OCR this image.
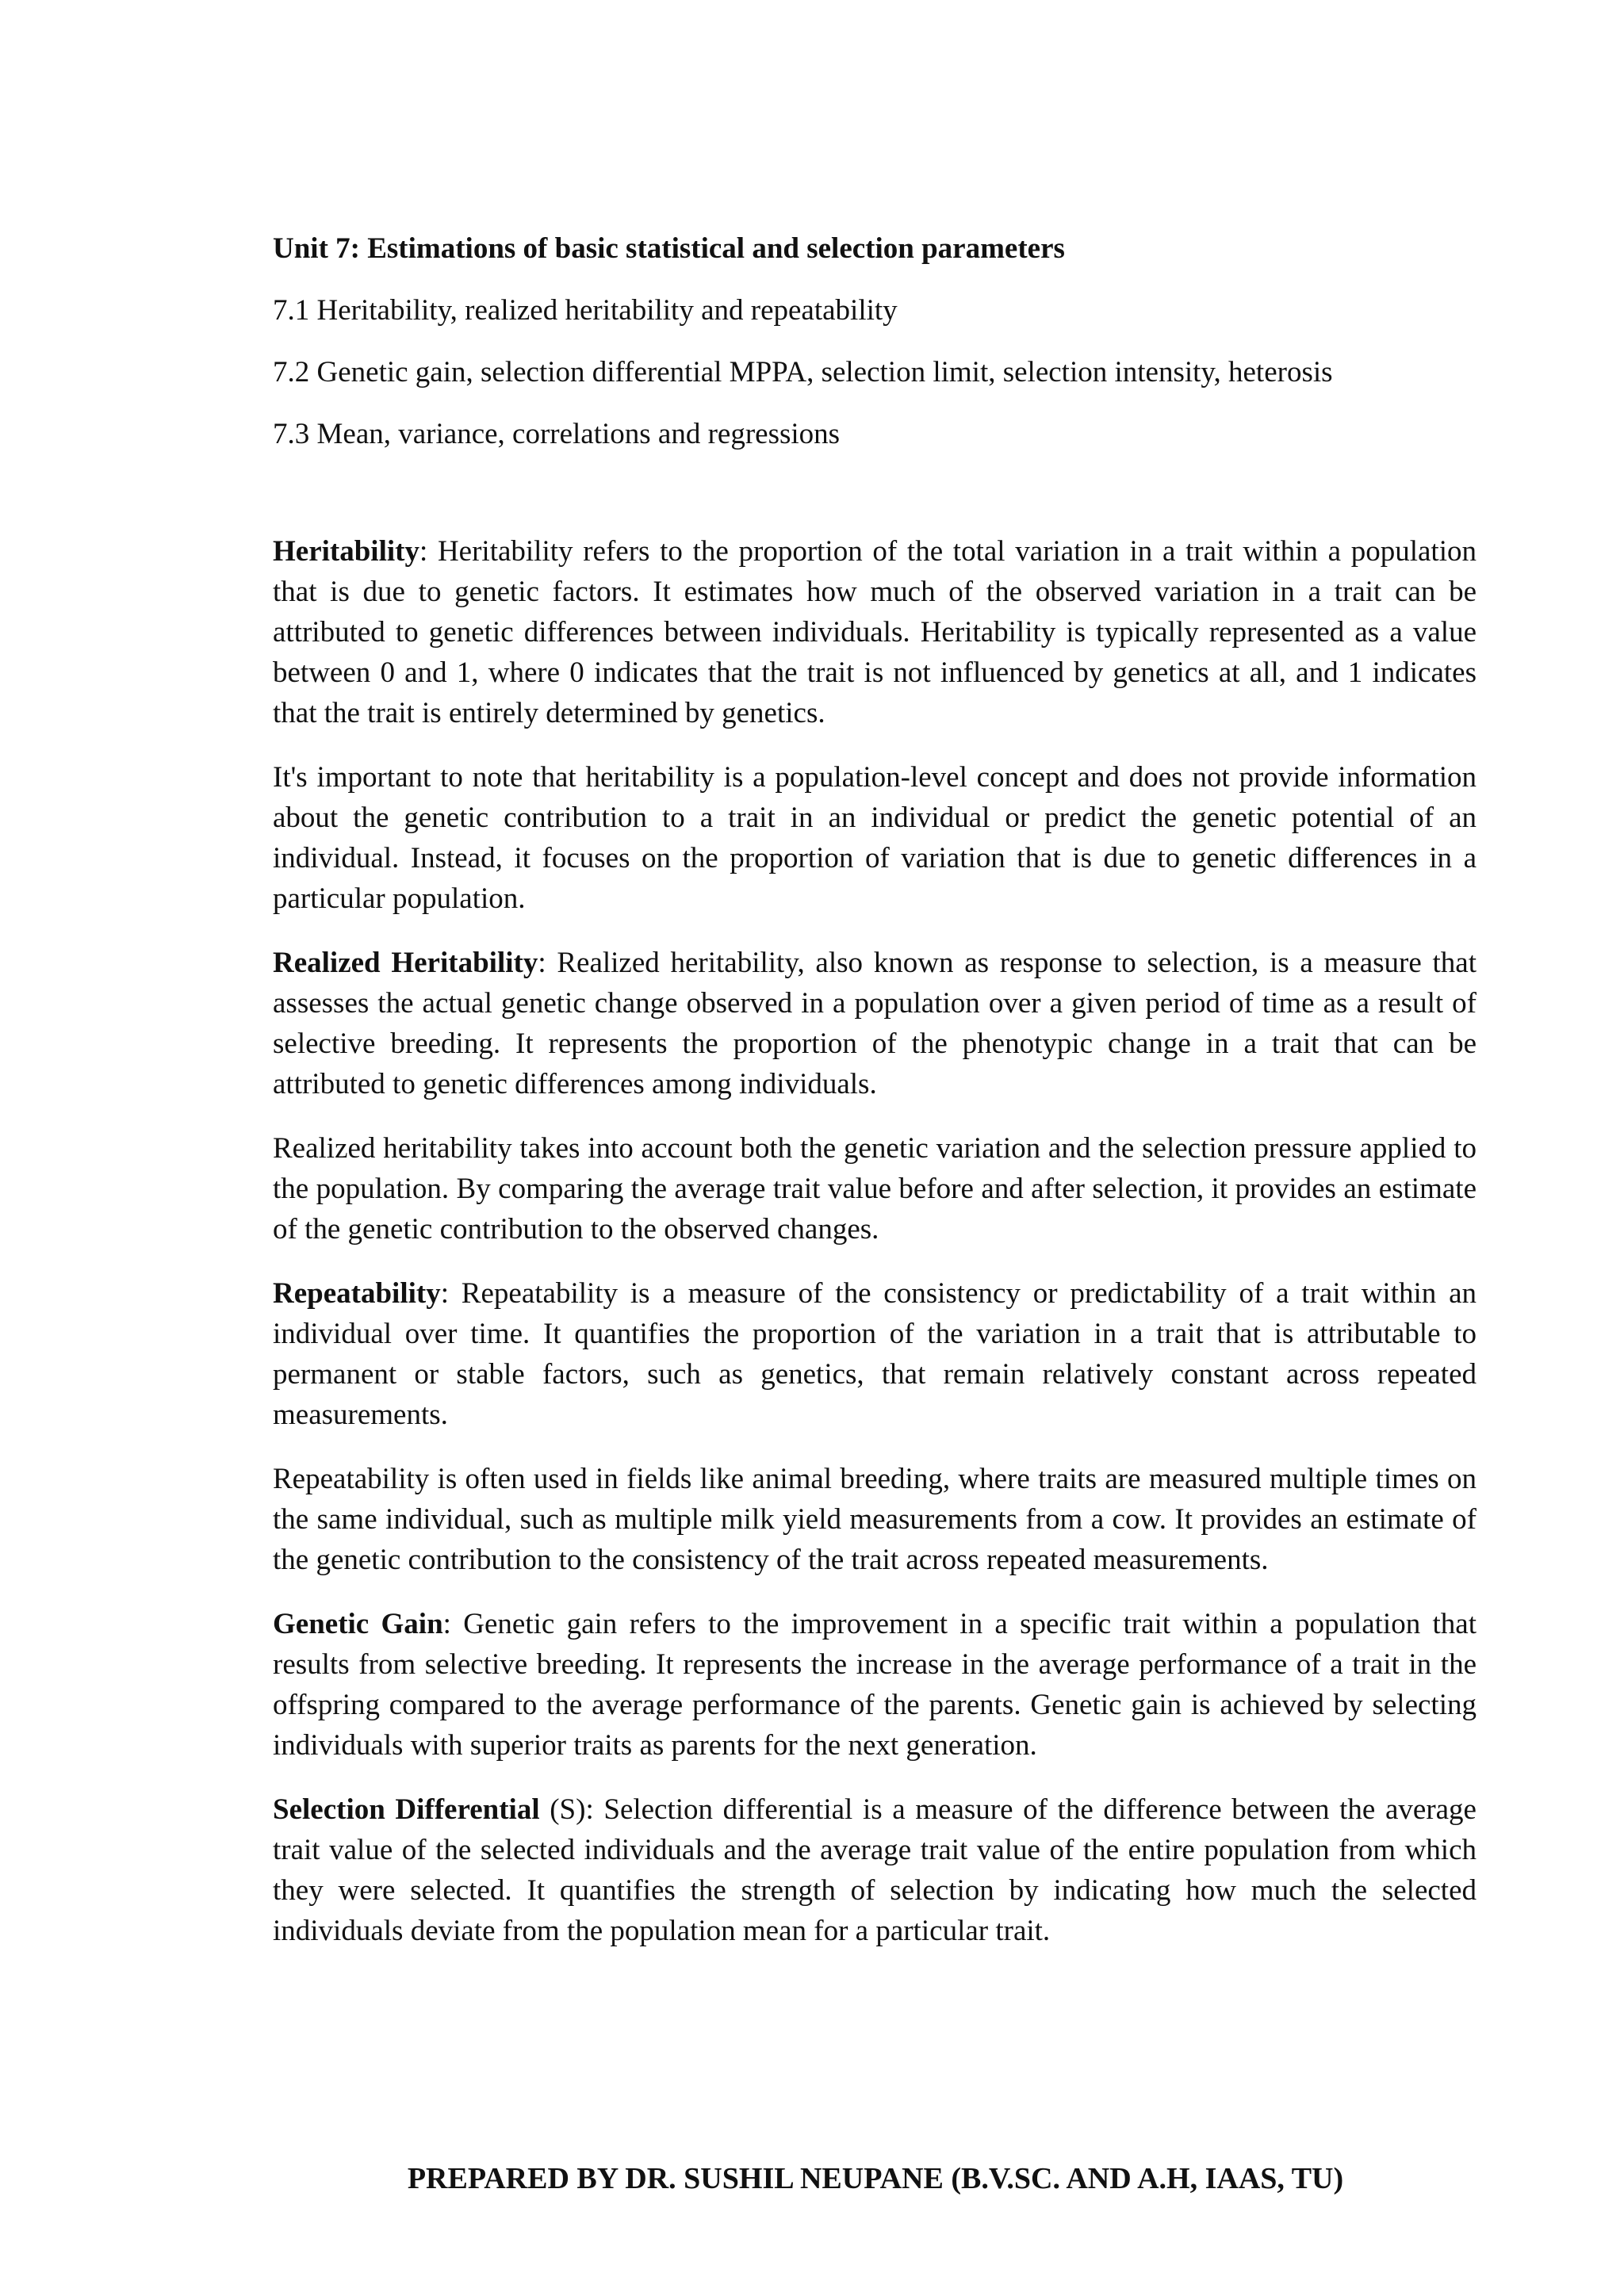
Unit 7: Estimations of basic statistical and selection parameters

7.1 Heritability, realized heritability and repeatability

7.2 Genetic gain, selection differential MPPA, selection limit, selection intensity, heterosis

7.3 Mean, variance, correlations and regressions

Heritability: Heritability refers to the proportion of the total variation in a trait within a population that is due to genetic factors. It estimates how much of the observed variation in a trait can be attributed to genetic differences between individuals. Heritability is typically represented as a value between 0 and 1, where 0 indicates that the trait is not influenced by genetics at all, and 1 indicates that the trait is entirely determined by genetics.

It's important to note that heritability is a population-level concept and does not provide information about the genetic contribution to a trait in an individual or predict the genetic potential of an individual. Instead, it focuses on the proportion of variation that is due to genetic differences in a particular population.

Realized Heritability: Realized heritability, also known as response to selection, is a measure that assesses the actual genetic change observed in a population over a given period of time as a result of selective breeding. It represents the proportion of the phenotypic change in a trait that can be attributed to genetic differences among individuals.

Realized heritability takes into account both the genetic variation and the selection pressure applied to the population. By comparing the average trait value before and after selection, it provides an estimate of the genetic contribution to the observed changes.

Repeatability: Repeatability is a measure of the consistency or predictability of a trait within an individual over time. It quantifies the proportion of the variation in a trait that is attributable to permanent or stable factors, such as genetics, that remain relatively constant across repeated measurements.

Repeatability is often used in fields like animal breeding, where traits are measured multiple times on the same individual, such as multiple milk yield measurements from a cow. It provides an estimate of the genetic contribution to the consistency of the trait across repeated measurements.

Genetic Gain: Genetic gain refers to the improvement in a specific trait within a population that results from selective breeding. It represents the increase in the average performance of a trait in the offspring compared to the average performance of the parents. Genetic gain is achieved by selecting individuals with superior traits as parents for the next generation.

Selection Differential (S): Selection differential is a measure of the difference between the average trait value of the selected individuals and the average trait value of the entire population from which they were selected. It quantifies the strength of selection by indicating how much the selected individuals deviate from the population mean for a particular trait.

PREPARED BY DR. SUSHIL NEUPANE (B.V.SC. AND A.H, IAAS, TU)
